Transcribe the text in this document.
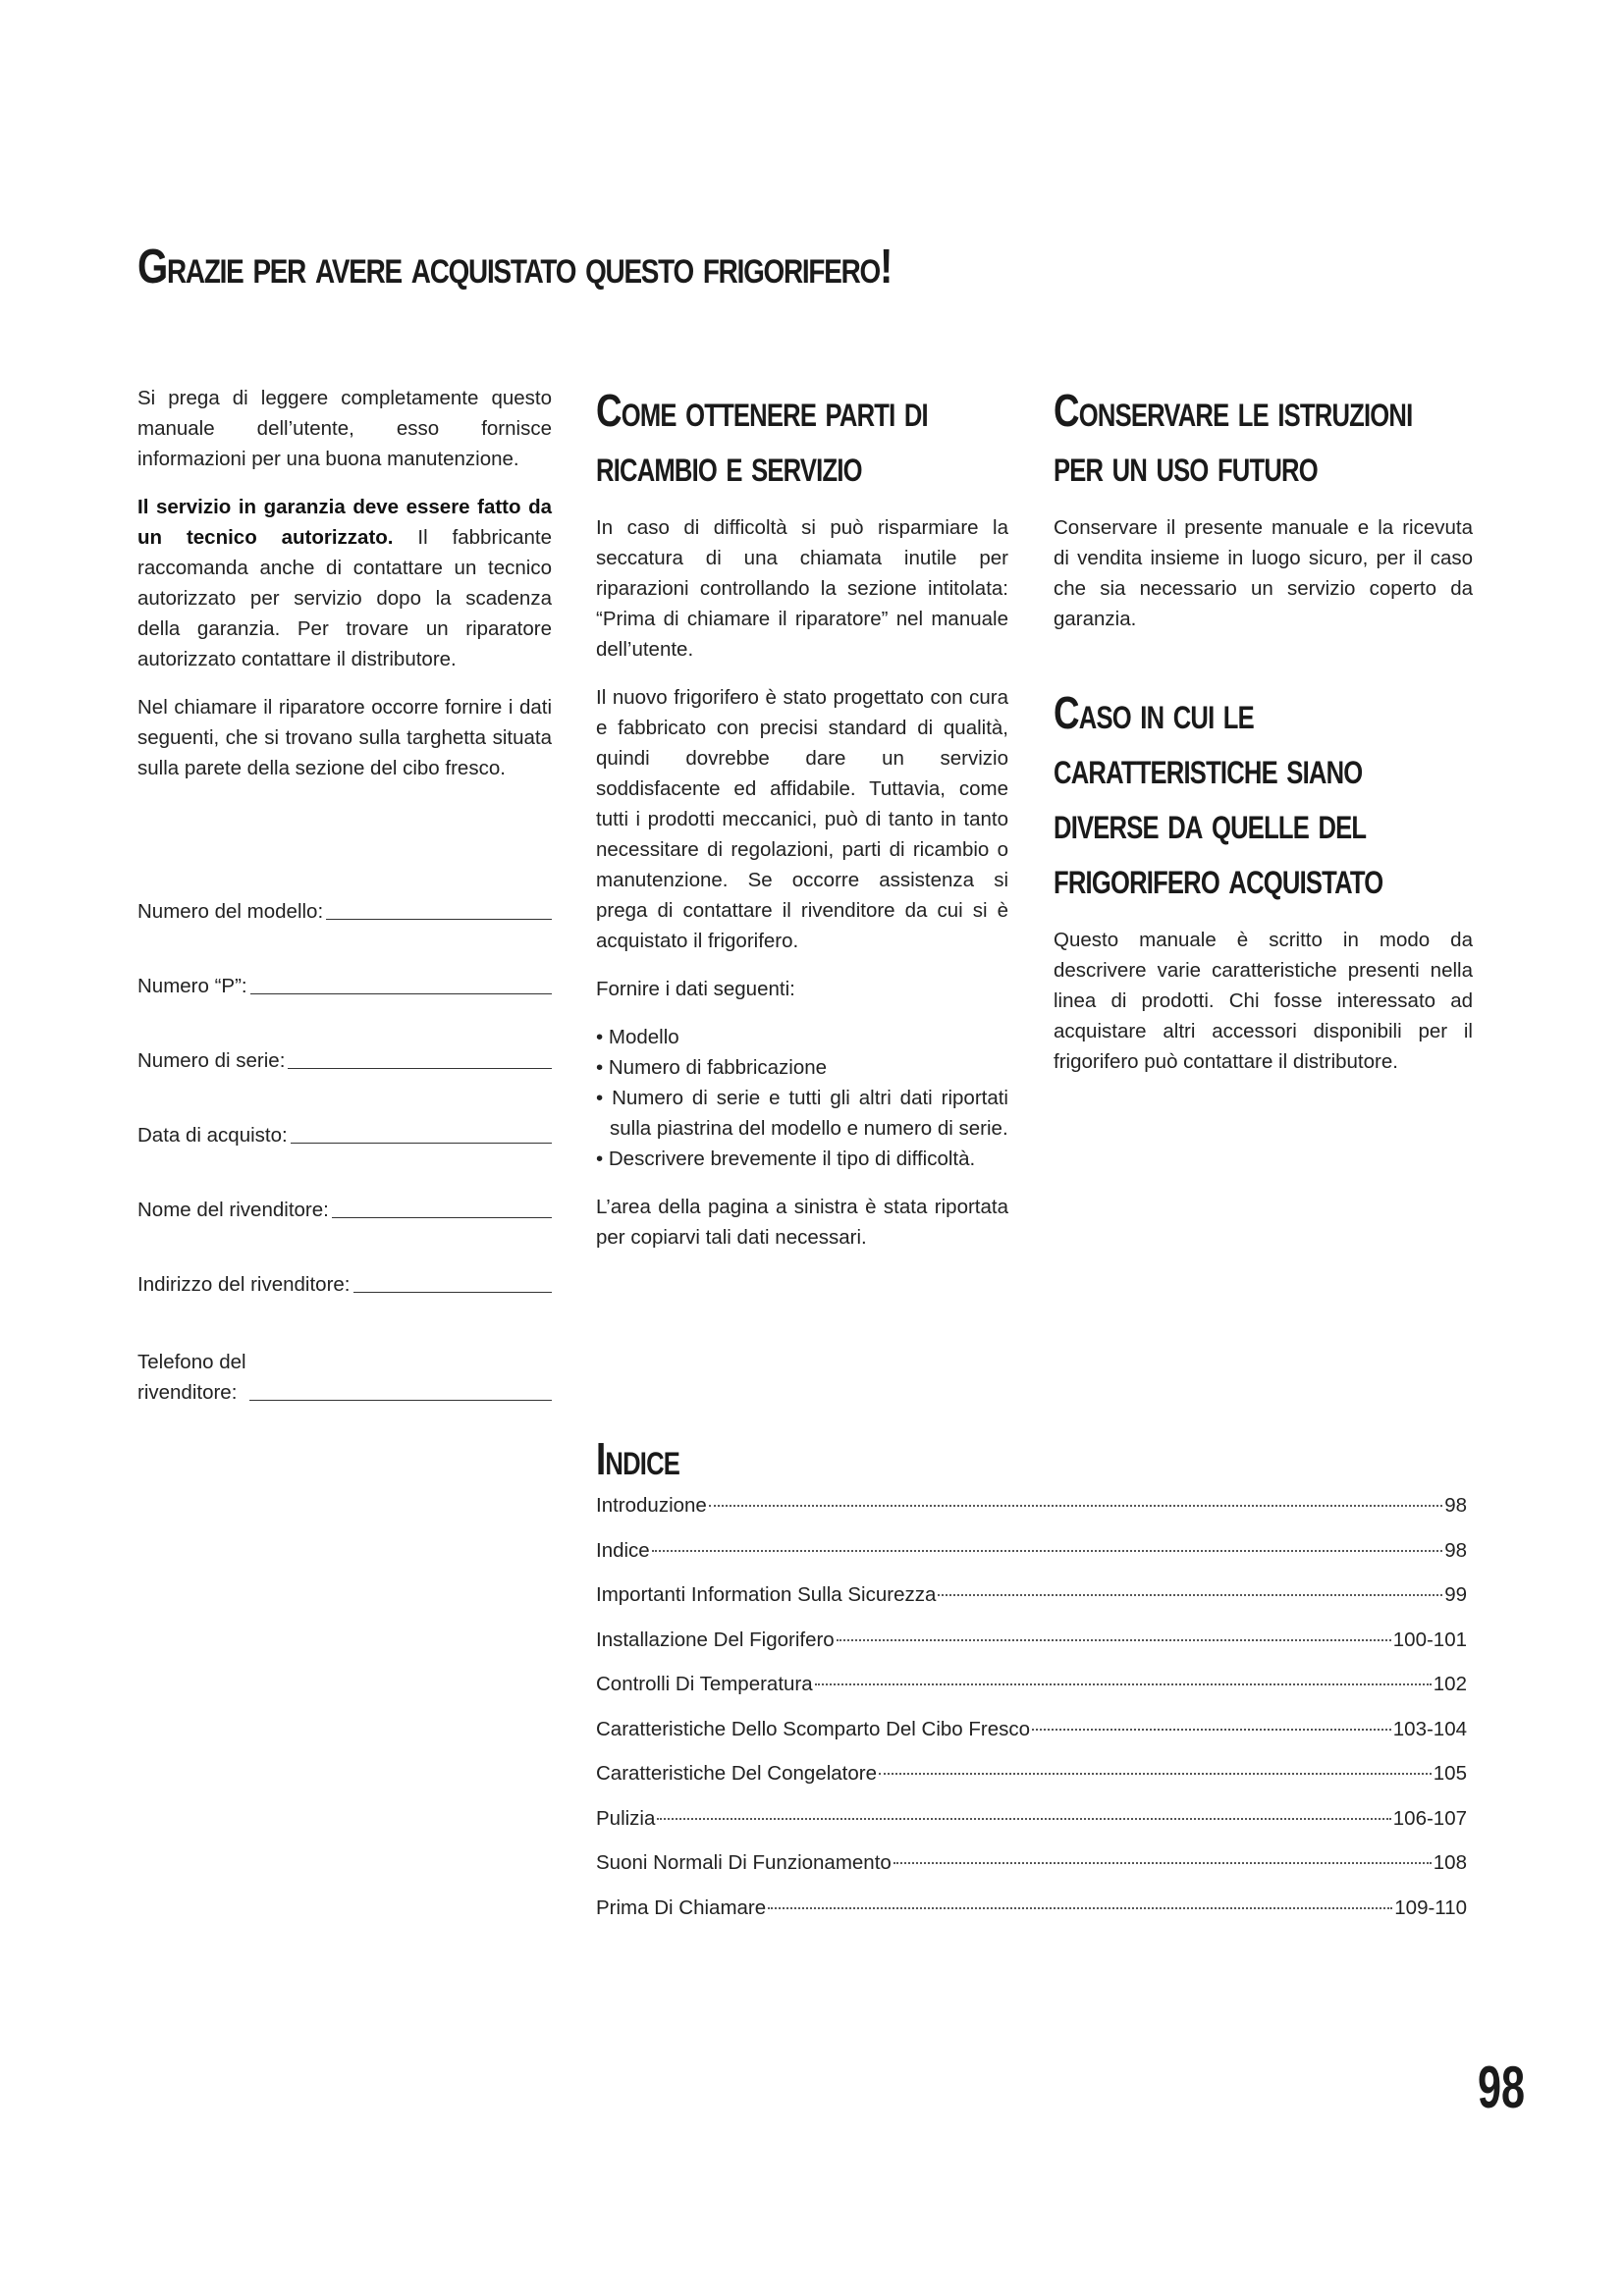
Grazie per avere acquistato questo frigorifero!

Si prega di leggere completamente questo manuale dell’utente, esso fornisce informazioni per una buona manutenzione.

Il servizio in garanzia deve essere fatto da un tecnico autorizzato. Il fabbricante raccomanda anche di contattare un tecnico autorizzato per servizio dopo la scadenza della garanzia. Per trovare un riparatore autorizzato contattare il distributore.

Nel chiamare il riparatore occorre fornire i dati seguenti, che si trovano sulla targhetta situata sulla parete della sezione del cibo fresco.

Numero del modello:
Numero “P”:
Numero di serie:
Data di acquisto:
Nome del rivenditore:
Indirizzo del rivenditore:
Telefono del
rivenditore:
Come ottenere parti di
ricambio e servizio

In caso di difficoltà si può risparmiare la seccatura di una chiamata inutile per riparazioni controllando la sezione intitolata: “Prima di chiamare il riparatore” nel manuale dell’utente.

Il nuovo frigorifero è stato progettato con cura e fabbricato con precisi standard di qualità, quindi dovrebbe dare un servizio soddisfacente ed affidabile. Tuttavia, come tutti i prodotti meccanici, può di tanto in tanto necessitare di regolazioni, parti di ricambio o manutenzione. Se occorre assistenza si prega di contattare il rivenditore da cui si è acquistato il frigorifero.

Fornire i dati seguenti:

• Modello
• Numero di fabbricazione
• Numero di serie e tutti gli altri dati riportati sulla piastrina del modello e numero di serie.
• Descrivere brevemente il tipo di difficoltà.

L’area della pagina a sinistra è stata riportata per copiarvi tali dati necessari.

Conservare le istruzioni
per un uso futuro

Conservare il presente manuale e la ricevuta di vendita insieme in luogo sicuro, per il caso che sia necessario un servizio coperto da garanzia.

Caso in cui le
caratteristiche siano
diverse da quelle del
frigorifero acquistato

Questo manuale è scritto in modo da descrivere varie caratteristiche presenti nella linea di prodotti. Chi fosse interessato ad acquistare altri accessori disponibili per il frigorifero può contattare il distributore.

Indice
Introduzione	98
Indice	98
Importanti Information Sulla Sicurezza	99
Installazione Del Figorifero	100-101
Controlli Di Temperatura	102
Caratteristiche Dello Scomparto Del Cibo Fresco	103-104
Caratteristiche Del Congelatore	105
Pulizia	106-107
Suoni Normali Di Funzionamento	108
Prima Di Chiamare	109-110
98
